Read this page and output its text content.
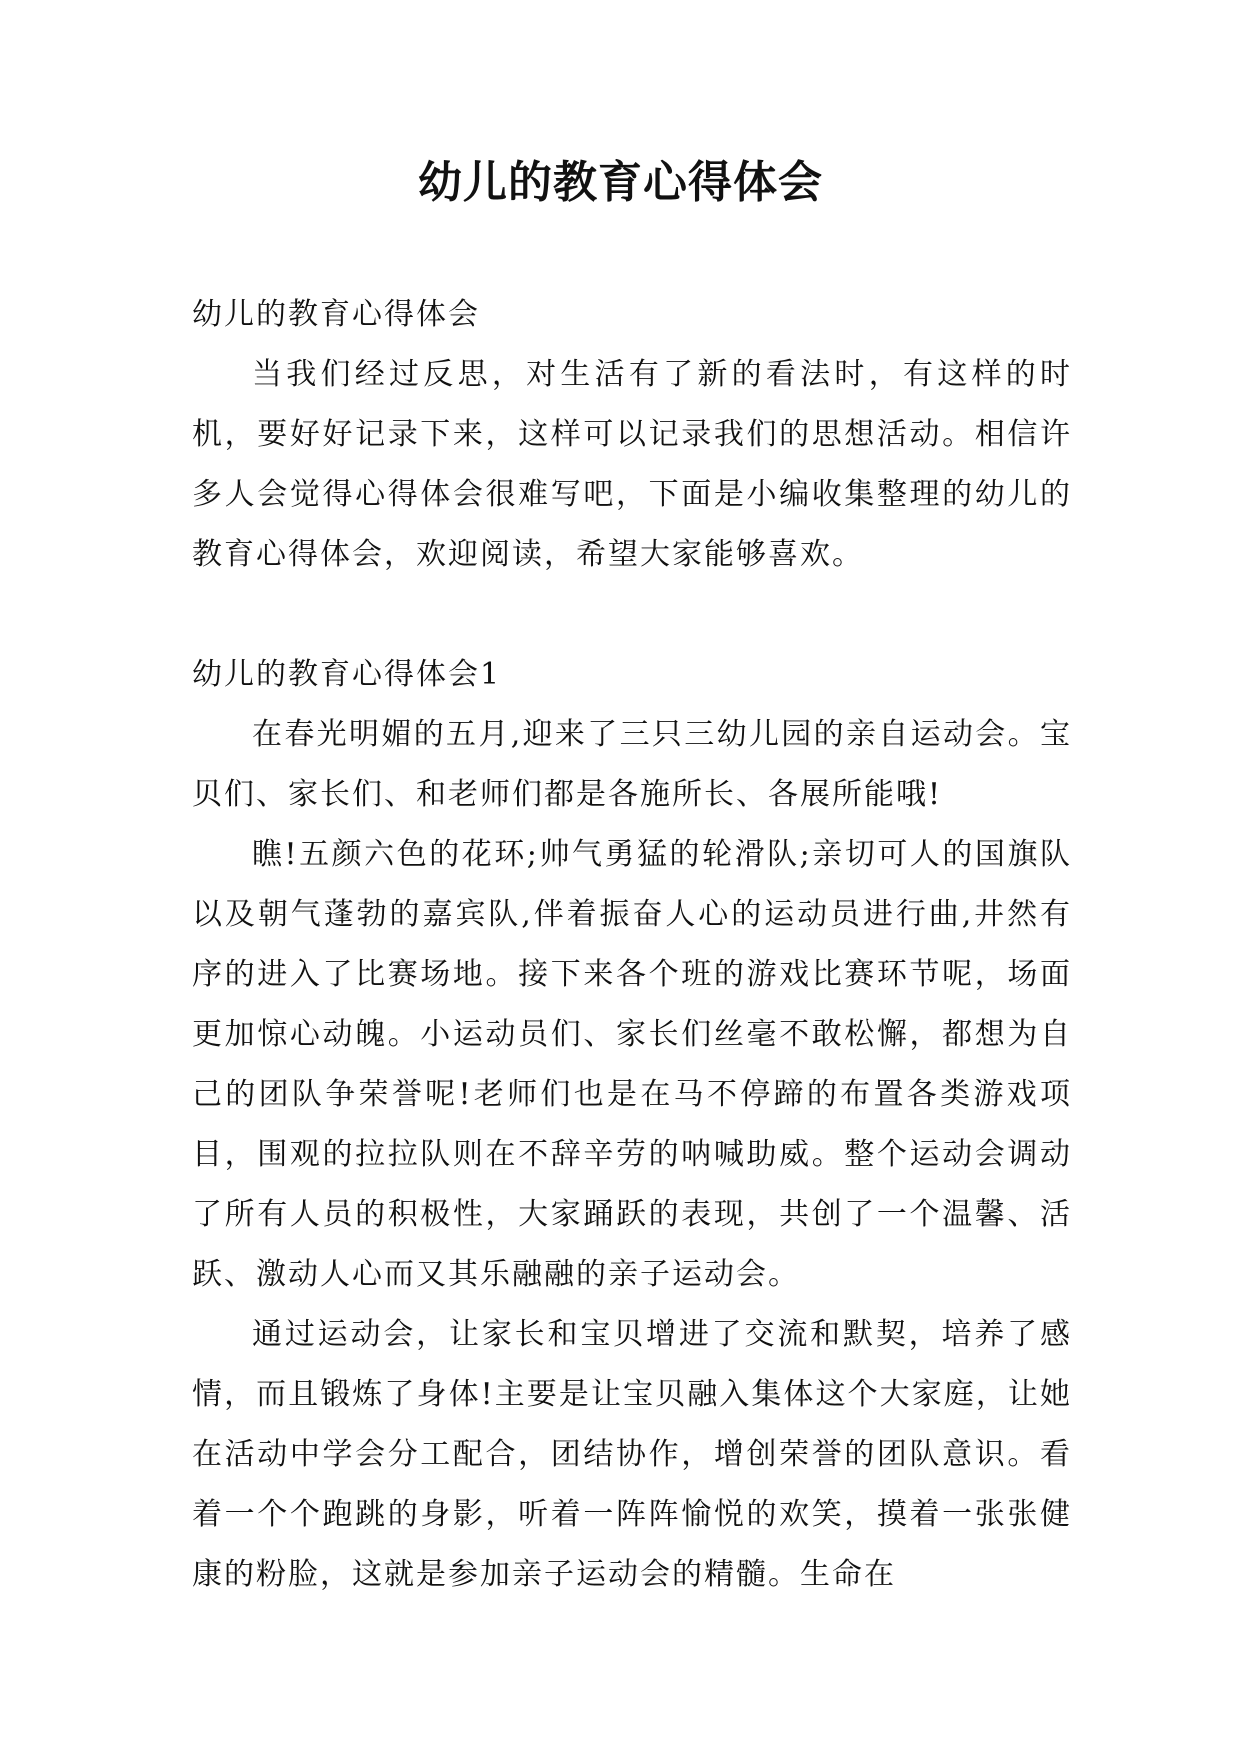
幼儿的教育心得体会

幼儿的教育心得体会

当我们经过反思，对生活有了新的看法时，有这样的时机，要好好记录下来，这样可以记录我们的思想活动。相信许多人会觉得心得体会很难写吧，下面是小编收集整理的幼儿的教育心得体会，欢迎阅读，希望大家能够喜欢。

幼儿的教育心得体会1

在春光明媚的五月,迎来了三只三幼儿园的亲自运动会。宝贝们、家长们、和老师们都是各施所长、各展所能哦!

瞧!五颜六色的花环;帅气勇猛的轮滑队;亲切可人的国旗队以及朝气蓬勃的嘉宾队,伴着振奋人心的运动员进行曲,井然有序的进入了比赛场地。接下来各个班的游戏比赛环节呢，场面更加惊心动魄。小运动员们、家长们丝毫不敢松懈，都想为自己的团队争荣誉呢!老师们也是在马不停蹄的布置各类游戏项目，围观的拉拉队则在不辞辛劳的呐喊助威。整个运动会调动了所有人员的积极性，大家踊跃的表现，共创了一个温馨、活跃、激动人心而又其乐融融的亲子运动会。

通过运动会，让家长和宝贝增进了交流和默契，培养了感情，而且锻炼了身体!主要是让宝贝融入集体这个大家庭，让她在活动中学会分工配合，团结协作，增创荣誉的团队意识。看着一个个跑跳的身影，听着一阵阵愉悦的欢笑，摸着一张张健康的粉脸，这就是参加亲子运动会的精髓。生命在
